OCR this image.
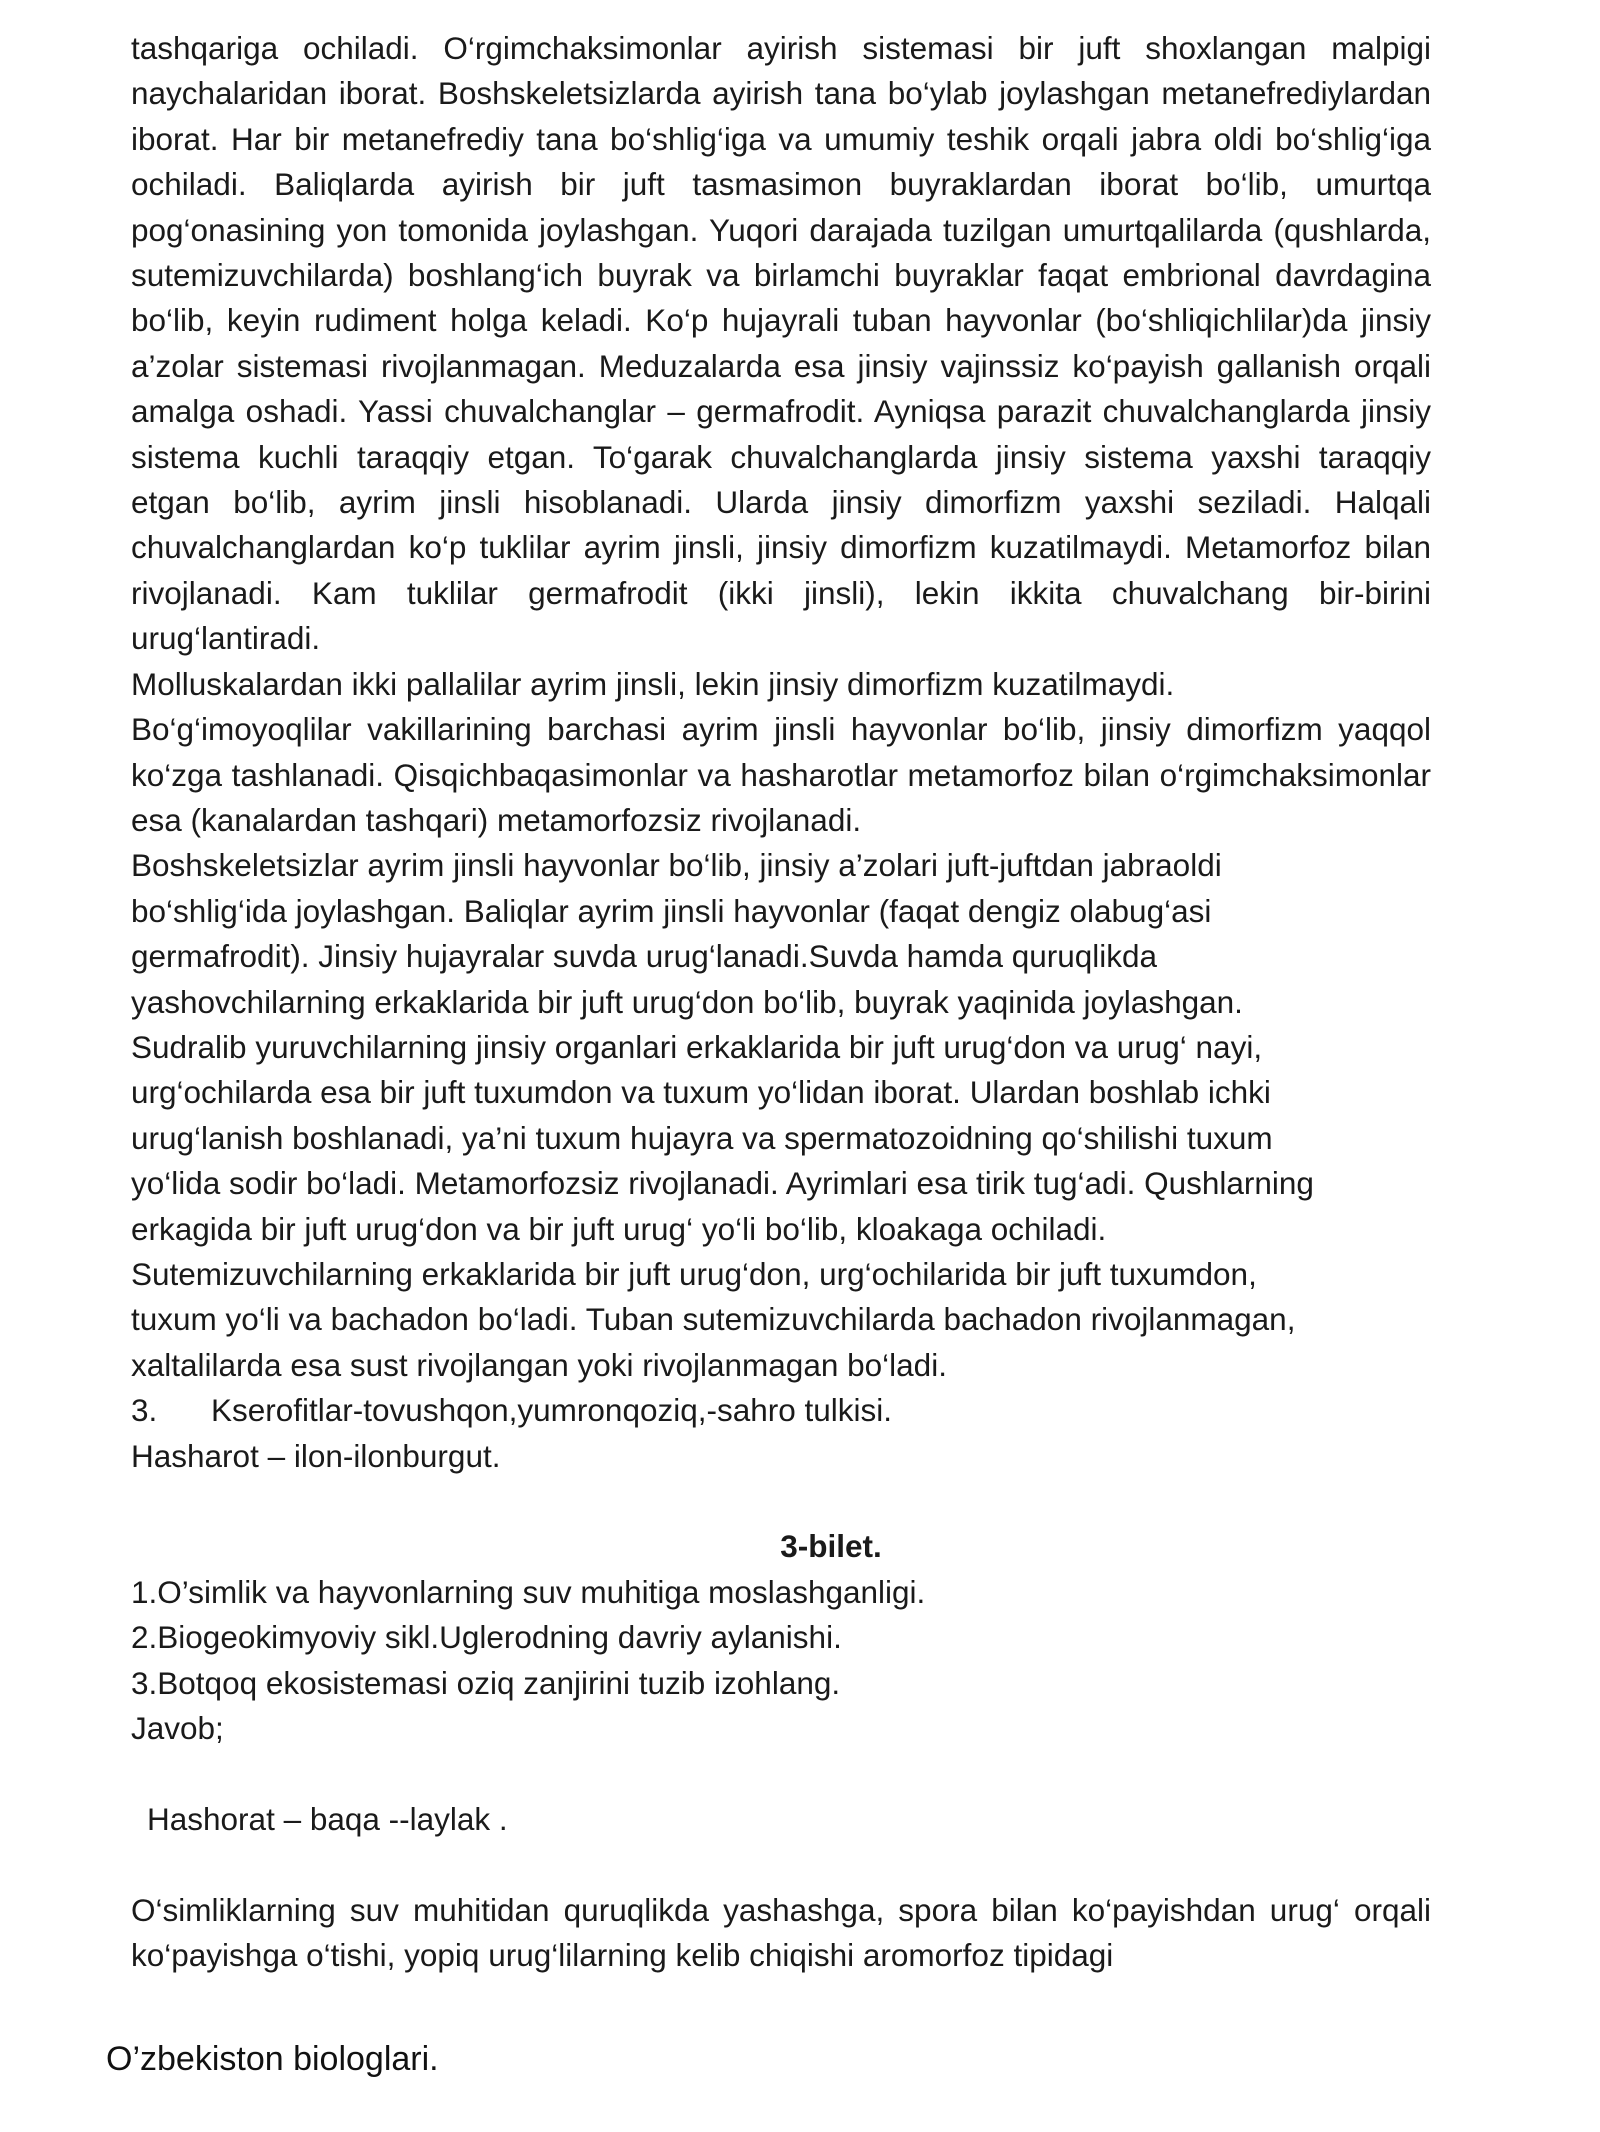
tashqariga ochiladi. O‘rgimchaksimonlar ayirish sistemasi bir juft shoxlangan malpigi naychalaridan iborat. Boshskeletsizlarda ayirish tana bo‘ylab joylashgan metanefrediylardan iborat. Har bir metanefrediy tana bo‘shlig‘iga va umumiy teshik orqali jabra oldi bo‘shlig‘iga ochiladi. Baliqlarda ayirish bir juft tasmasimon buyraklardan iborat bo‘lib, umurtqa pog‘onasining yon tomonida joylashgan. Yuqori darajada tuzilgan umurtqalilarda (qushlarda, sutemizuvchilarda) boshlang‘ich buyrak va birlamchi buyraklar faqat embrional davrdagina bo‘lib, keyin rudiment holga keladi. Ko‘p hujayrali tuban hayvonlar (bo‘shliqichlilar)da jinsiy a’zolar sistemasi rivojlanmagan. Meduzalarda esa jinsiy vajinssiz ko‘payish gallanish orqali amalga oshadi. Yassi chuvalchanglar – germafrodit. Ayniqsa parazit chuvalchanglarda jinsiy sistema kuchli taraqqiy etgan. To‘garak chuvalchanglarda jinsiy sistema yaxshi taraqqiy etgan bo‘lib, ayrim jinsli hisoblanadi. Ularda jinsiy dimorfizm yaxshi seziladi. Halqali chuvalchanglardan ko‘p tuklilar ayrim jinsli, jinsiy dimorfizm kuzatilmaydi. Metamorfoz bilan rivojlanadi. Kam tuklilar germafrodit (ikki jinsli), lekin ikkita chuvalchang bir-birini urug‘lantiradi.

Molluskalardan ikki pallalilar ayrim jinsli, lekin jinsiy dimorfizm kuzatilmaydi.

Bo‘g‘imoyoqlilar vakillarining barchasi ayrim jinsli hayvonlar bo‘lib, jinsiy dimorfizm yaqqol ko‘zga tashlanadi. Qisqichbaqasimonlar va hasharotlar metamorfoz bilan o‘rgimchaksimonlar esa (kanalardan tashqari) metamorfozsiz rivojlanadi.

Boshskeletsizlar ayrim jinsli hayvonlar bo‘lib, jinsiy a’zolari juft-juftdan jabraoldi

bo‘shlig‘ida joylashgan. Baliqlar ayrim jinsli hayvonlar (faqat dengiz olabug‘asi

germafrodit). Jinsiy hujayralar suvda urug‘lanadi.Suvda hamda quruqlikda

yashovchilarning erkaklarida bir juft urug‘don bo‘lib, buyrak yaqinida joylashgan.

Sudralib yuruvchilarning jinsiy organlari erkaklarida bir juft urug‘don va urug‘ nayi,

urg‘ochilarda esa bir juft tuxumdon va tuxum yo‘lidan iborat. Ulardan boshlab ichki

urug‘lanish boshlanadi, ya’ni tuxum hujayra va spermatozoidning qo‘shilishi tuxum

yo‘lida sodir bo‘ladi. Metamorfozsiz rivojlanadi. Ayrimlari esa tirik tug‘adi. Qushlarning

erkagida bir juft urug‘don va bir juft urug‘ yo‘li bo‘lib, kloakaga ochiladi.

Sutemizuvchilarning erkaklarida bir juft urug‘don, urg‘ochilarida bir juft tuxumdon,

tuxum yo‘li va bachadon bo‘ladi. Tuban sutemizuvchilarda bachadon rivojlanmagan,

xaltalilarda esa sust rivojlangan yoki rivojlanmagan bo‘ladi.

3. Kserofitlar-tovushqon,yumronqoziq,-sahro tulkisi.

Hasharot – ilon-ilonburgut.

3-bilet.

1.O’simlik va hayvonlarning suv muhitiga moslashganligi.

2.Biogeokimyoviy sikl.Uglerodning davriy aylanishi.

3.Botqoq ekosistemasi oziq zanjirini tuzib izohlang.

Javob;

Hashorat – baqa --laylak .

O‘simliklarning suv muhitidan quruqlikda yashashga, spora bilan ko‘payishdan urug‘ orqali ko‘payishga o‘tishi, yopiq urug‘lilarning kelib chiqishi aromorfoz tipidagi

O’zbekiston biologlari.
